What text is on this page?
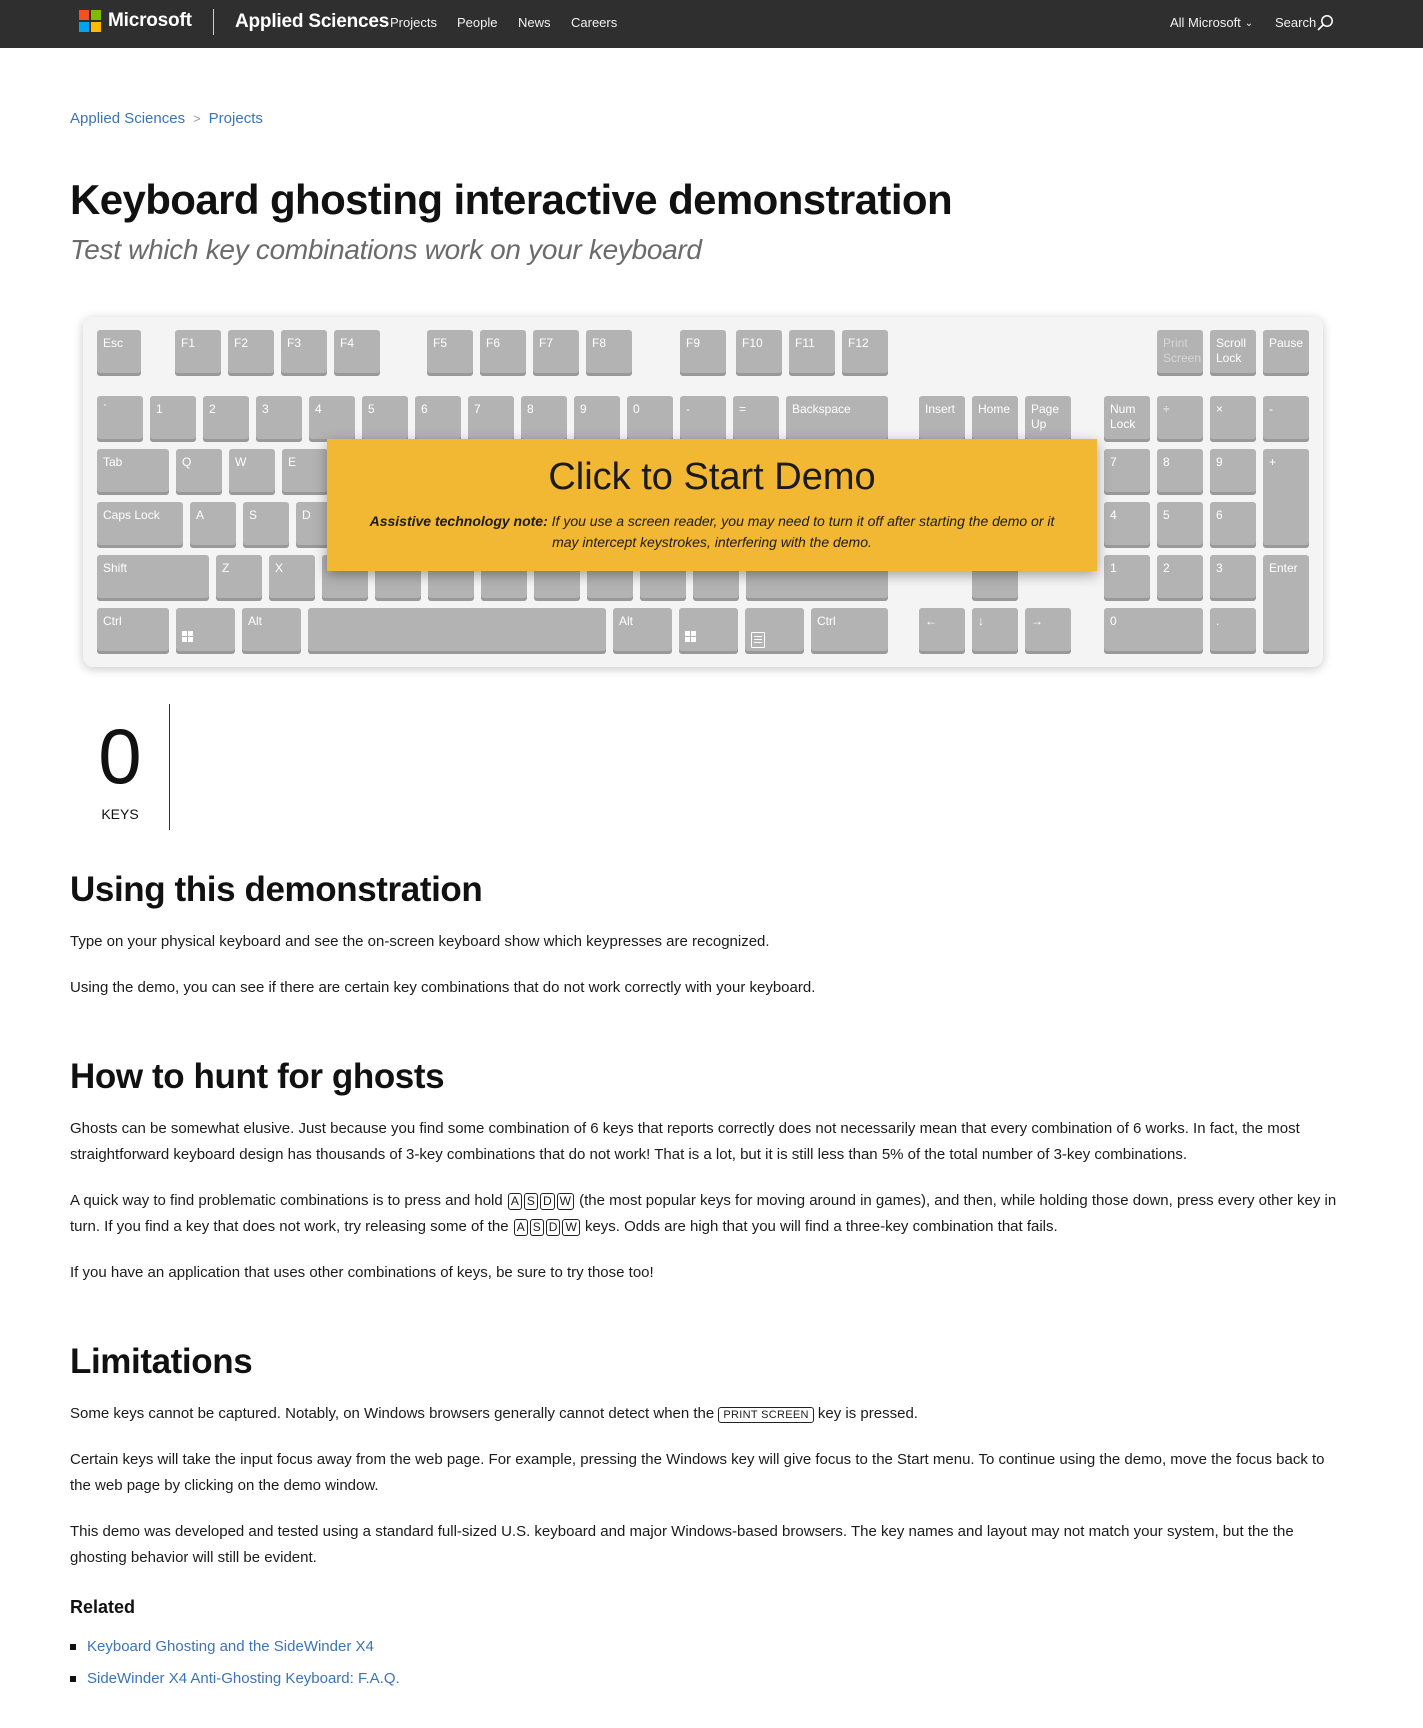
Microsoft Applied Sciences Projects People News Careers	All Microsoft ⌄ Search
Applied Sciences > Projects
Keyboard ghosting interactive demonstration
Test which key combinations work on your keyboard
Esc	F1	F2	F3	F4	F5	F6	F7	F8	F9	F10	F11	F12	Print
Screen
Scroll
Lock
Pause
`	1	2	3	4	5	6	7	8	9	0	-	=	Backspace	Insert	Home	Page
Up
Num
Lock
÷	×	-
Tab	Q	W	E	7	8	9	+
Caps Lock	A	S	D	4	5	6
Shift	Z	X	1	2	3	Enter
Ctrl	Alt	Alt	Ctrl	←	↓	→	0	.
Click to Start Demo
Assistive technology note: If you use a screen reader, you may need to turn it off after starting the demo or it may intercept keystrokes, interfering with the demo.
0
KEYS
Using this demonstration

Type on your physical keyboard and see the on-screen keyboard show which keypresses are recognized.

Using the demo, you can see if there are certain key combinations that do not work correctly with your keyboard.

How to hunt for ghosts

Ghosts can be somewhat elusive. Just because you find some combination of 6 keys that reports correctly does not necessarily mean that every combination of 6 works. In fact, the most straightforward keyboard design has thousands of 3-key combinations that do not work! That is a lot, but it is still less than 5% of the total number of 3-key combinations.

A quick way to find problematic combinations is to press and hold A S D W (the most popular keys for moving around in games), and then, while holding those down, press every other key in turn. If you find a key that does not work, try releasing some of the A S D W keys. Odds are high that you will find a three-key combination that fails.

If you have an application that uses other combinations of keys, be sure to try those too!

Limitations

Some keys cannot be captured. Notably, on Windows browsers generally cannot detect when the PRINT SCREEN key is pressed.

Certain keys will take the input focus away from the web page. For example, pressing the Windows key will give focus to the Start menu. To continue using the demo, move the focus back to the web page by clicking on the demo window.

This demo was developed and tested using a standard full-sized U.S. keyboard and major Windows-based browsers. The key names and layout may not match your system, but the the ghosting behavior will still be evident.

Related
Keyboard Ghosting and the SideWinder X4
SideWinder X4 Anti-Ghosting Keyboard: F.A.Q.
